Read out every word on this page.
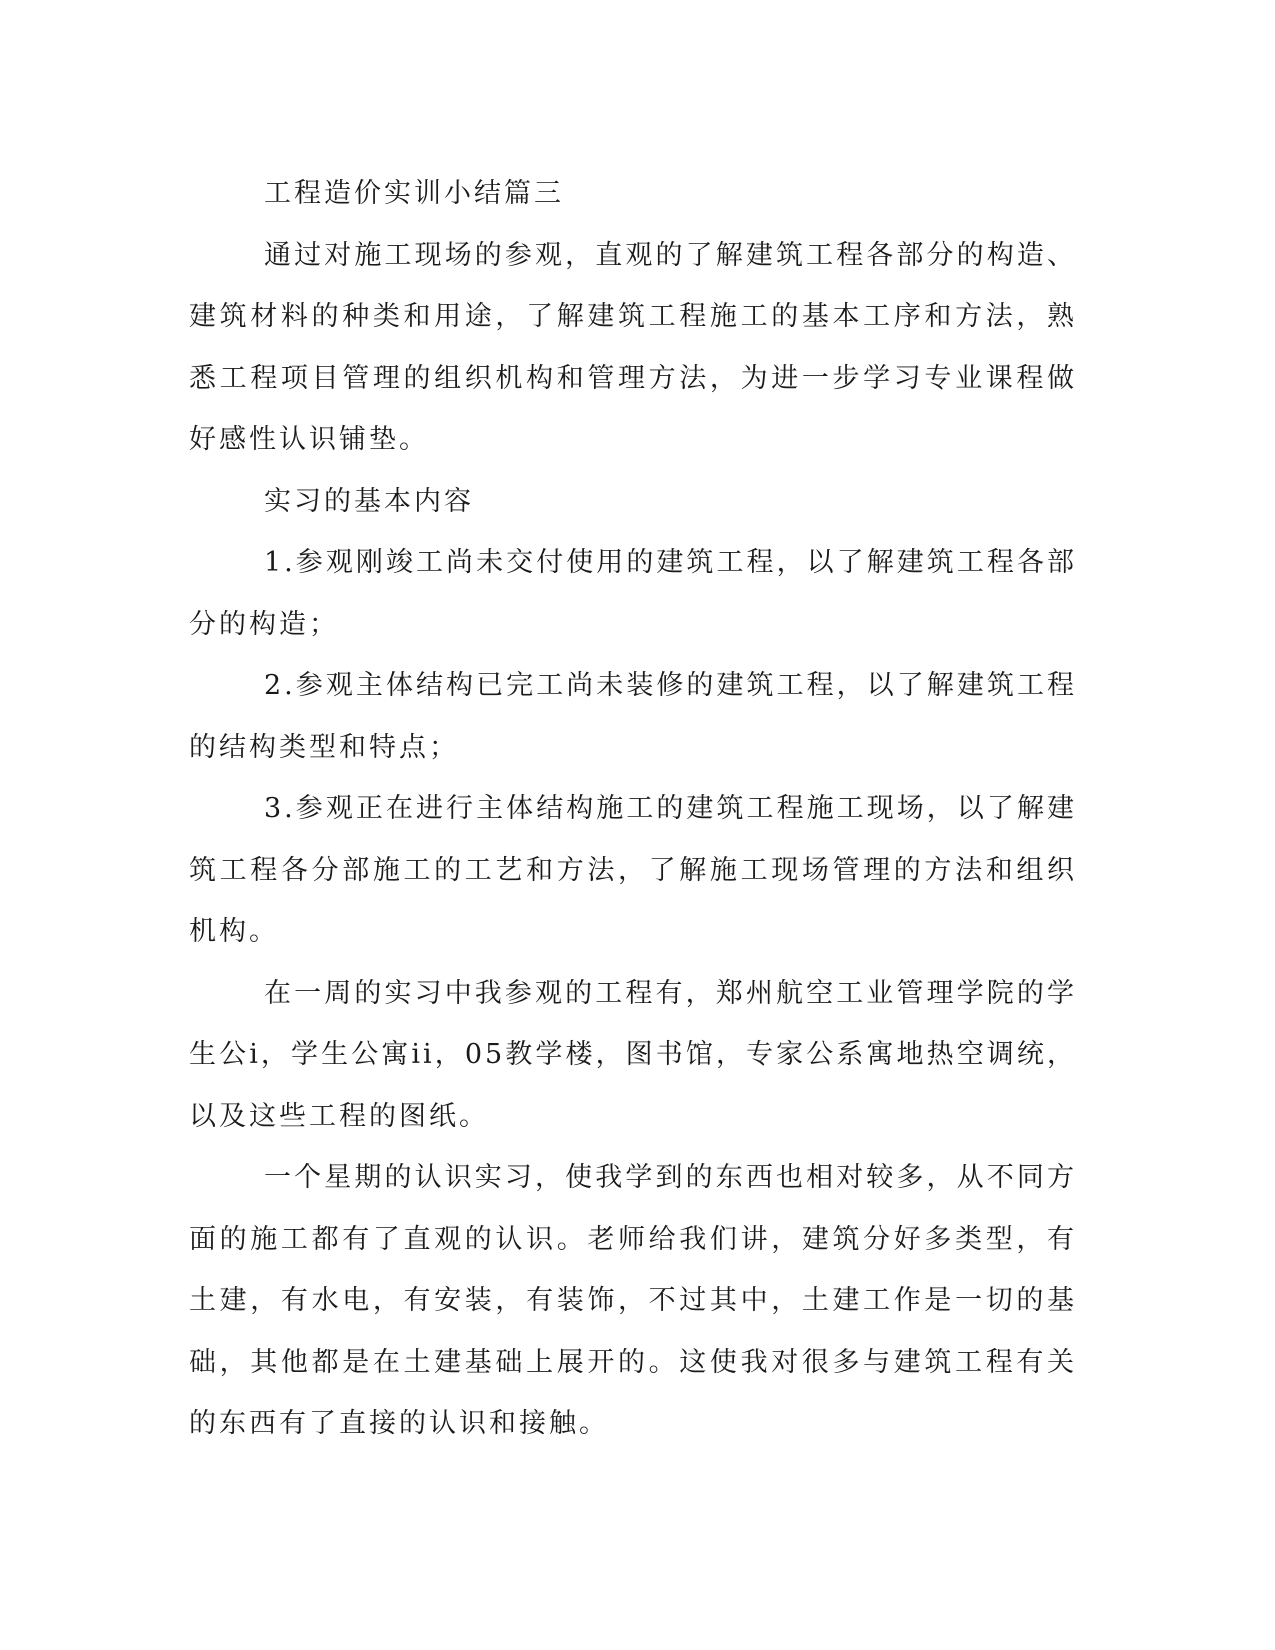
工程造价实训小结篇三

通过对施工现场的参观，直观的了解建筑工程各部分的构造、建筑材料的种类和用途，了解建筑工程施工的基本工序和方法，熟悉工程项目管理的组织机构和管理方法，为进一步学习专业课程做好感性认识铺垫。

实习的基本内容

1.参观刚竣工尚未交付使用的建筑工程，以了解建筑工程各部分的构造；

2.参观主体结构已完工尚未装修的建筑工程，以了解建筑工程的结构类型和特点；

3.参观正在进行主体结构施工的建筑工程施工现场，以了解建筑工程各分部施工的工艺和方法，了解施工现场管理的方法和组织机构。

在一周的实习中我参观的工程有，郑州航空工业管理学院的学生公i，学生公寓ii，05教学楼，图书馆，专家公系寓地热空调统，以及这些工程的图纸。

一个星期的认识实习，使我学到的东西也相对较多，从不同方面的施工都有了直观的认识。老师给我们讲，建筑分好多类型，有土建，有水电，有安装，有装饰，不过其中，土建工作是一切的基础，其他都是在土建基础上展开的。这使我对很多与建筑工程有关的东西有了直接的认识和接触。
